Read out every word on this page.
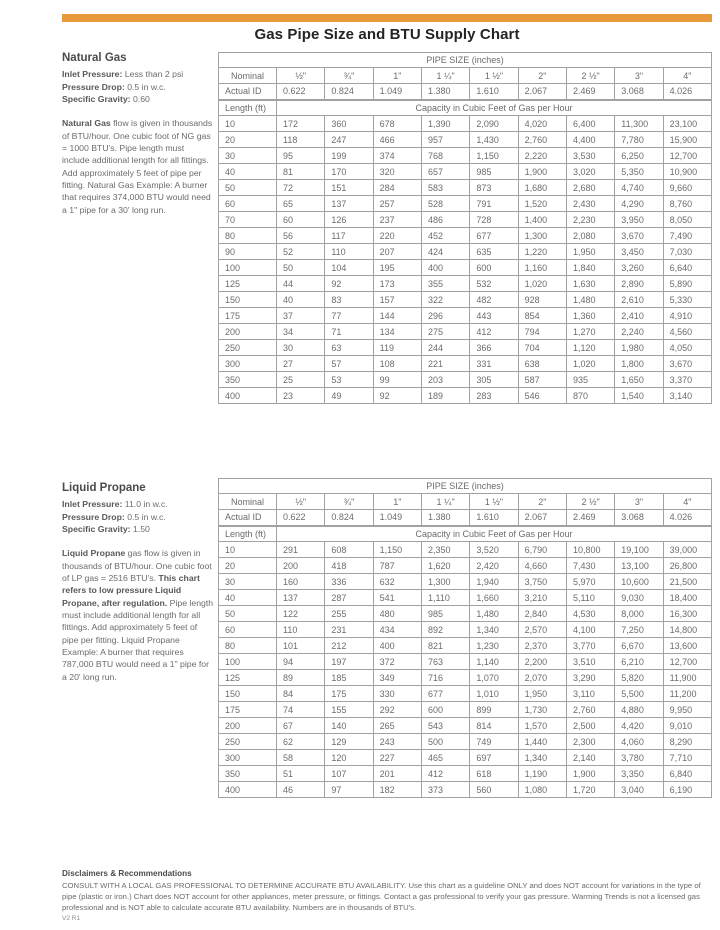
Gas Pipe Size and BTU Supply Chart
Natural Gas
Inlet Pressure: Less than 2 psi
Pressure Drop: 0.5 in w.c.
Specific Gravity: 0.60
Natural Gas flow is given in thousands of BTU/hour. One cubic foot of NG gas = 1000 BTU's. Pipe length must include additional length for all fittings. Add approximately 5 feet of pipe per fitting. Natural Gas Example: A burner that requires 374,000 BTU would need a 1" pipe for a 30' long run.
PIPE SIZE (inches)									
Nominal	½"	¾"	1"	1 ¼"	1 ½"	2"	2 ½"	3"	4"
Actual ID	0.622	0.824	1.049	1.380	1.610	2.067	2.469	3.068	4.026
Length (ft)	Capacity in Cubic Feet of Gas per Hour								
10	172	360	678	1,390	2,090	4,020	6,400	11,300	23,100
20	118	247	466	957	1,430	2,760	4,400	7,780	15,900
30	95	199	374	768	1,150	2,220	3,530	6,250	12,700
40	81	170	320	657	985	1,900	3,020	5,350	10,900
50	72	151	284	583	873	1,680	2,680	4,740	9,660
60	65	137	257	528	791	1,520	2,430	4,290	8,760
70	60	126	237	486	728	1,400	2,230	3,950	8,050
80	56	117	220	452	677	1,300	2,080	3,670	7,490
90	52	110	207	424	635	1,220	1,950	3,450	7,030
100	50	104	195	400	600	1,160	1,840	3,260	6,640
125	44	92	173	355	532	1,020	1,630	2,890	5,890
150	40	83	157	322	482	928	1,480	2,610	5,330
175	37	77	144	296	443	854	1,360	2,410	4,910
200	34	71	134	275	412	794	1,270	2,240	4,560
250	30	63	119	244	366	704	1,120	1,980	4,050
300	27	57	108	221	331	638	1,020	1,800	3,670
350	25	53	99	203	305	587	935	1,650	3,370
400	23	49	92	189	283	546	870	1,540	3,140
Liquid Propane
Inlet Pressure: 11.0 in w.c.
Pressure Drop: 0.5 in w.c.
Specific Gravity: 1.50
Liquid Propane gas flow is given in thousands of BTU/hour. One cubic foot of LP gas = 2516 BTU's. This chart refers to low pressure Liquid Propane, after regulation. Pipe length must include additional length for all fittings. Add approximately 5 feet of pipe per fitting. Liquid Propane Example: A burner that requires 787,000 BTU would need a 1" pipe for a 20' long run.
PIPE SIZE (inches)									
Nominal	½"	¾"	1"	1 ¼"	1 ½"	2"	2 ½"	3"	4"
Actual ID	0.622	0.824	1.049	1.380	1.610	2.067	2.469	3.068	4.026
Length (ft)	Capacity in Cubic Feet of Gas per Hour								
10	291	608	1,150	2,350	3,520	6,790	10,800	19,100	39,000
20	200	418	787	1,620	2,420	4,660	7,430	13,100	26,800
30	160	336	632	1,300	1,940	3,750	5,970	10,600	21,500
40	137	287	541	1,110	1,660	3,210	5,110	9,030	18,400
50	122	255	480	985	1,480	2,840	4,530	8,000	16,300
60	110	231	434	892	1,340	2,570	4,100	7,250	14,800
80	101	212	400	821	1,230	2,370	3,770	6,670	13,600
100	94	197	372	763	1,140	2,200	3,510	6,210	12,700
125	89	185	349	716	1,070	2,070	3,290	5,820	11,900
150	84	175	330	677	1,010	1,950	3,110	5,500	11,200
175	74	155	292	600	899	1,730	2,760	4,880	9,950
200	67	140	265	543	814	1,570	2,500	4,420	9,010
250	62	129	243	500	749	1,440	2,300	4,060	8,290
300	58	120	227	465	697	1,340	2,140	3,780	7,710
350	51	107	201	412	618	1,190	1,900	3,350	6,840
400	46	97	182	373	560	1,080	1,720	3,040	6,190
Disclaimers & Recommendations
CONSULT WITH A LOCAL GAS PROFESSIONAL TO DETERMINE ACCURATE BTU AVAILABILITY. Use this chart as a guideline ONLY and does NOT account for variations in the type of pipe (plastic or iron.) Chart does NOT account for other appliances, meter pressure, or fittings. Contact a gas professional to verify your gas pressure. Warming Trends is not a licensed gas professional and is NOT able to calculate accurate BTU availability. Numbers are in thousands of BTU's.
V2 R1
